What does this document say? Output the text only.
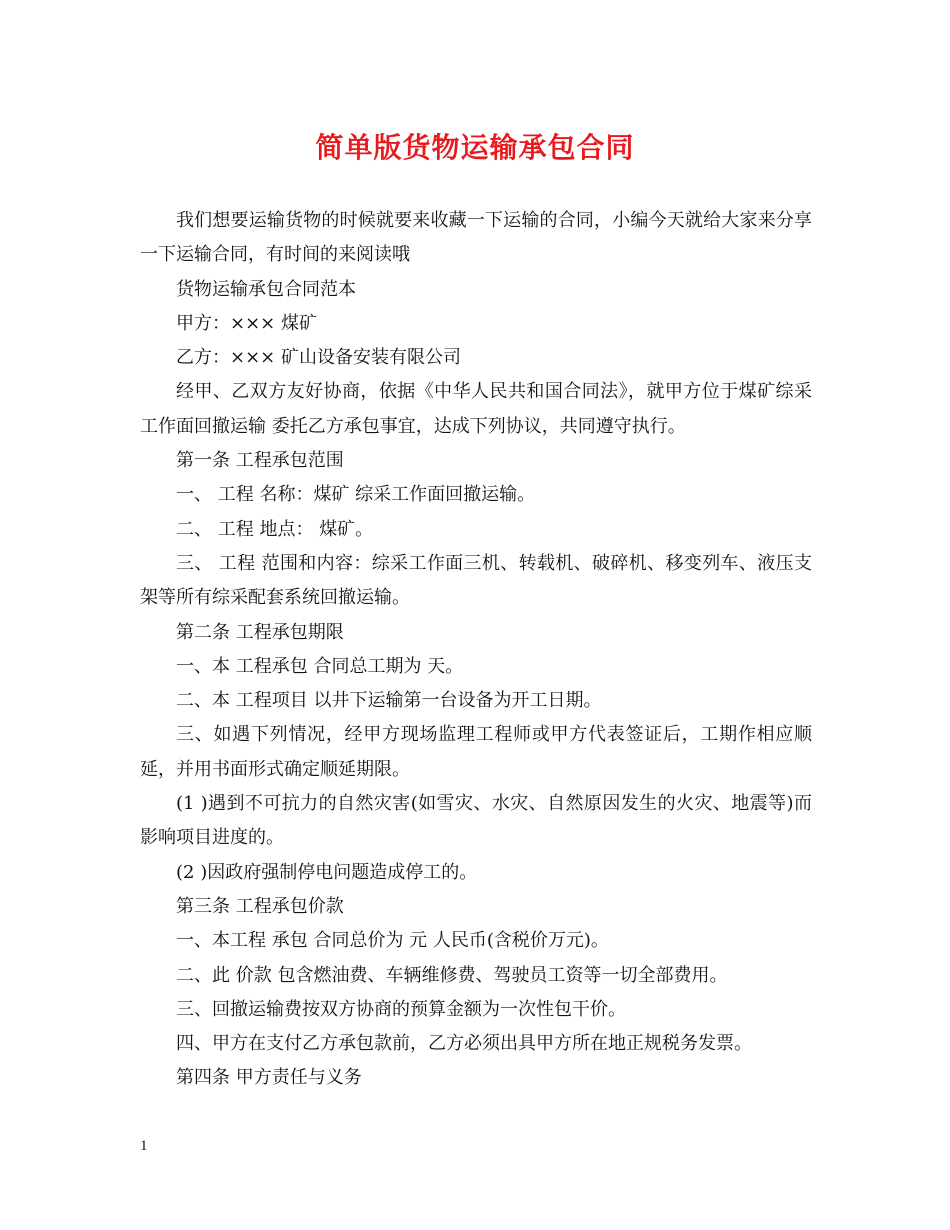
简单版货物运输承包合同

我们想要运输货物的时候就要来收藏一下运输的合同，小编今天就给大家来分享一下运输合同，有时间的来阅读哦

货物运输承包合同范本

甲方：××× 煤矿

乙方：××× 矿山设备安装有限公司

经甲、乙双方友好协商，依据《中华人民共和国合同法》，就甲方位于煤矿综采工作面回撤运输 委托乙方承包事宜，达成下列协议，共同遵守执行。

第一条 工程承包范围

一、 工程 名称：煤矿 综采工作面回撤运输。

二、 工程 地点： 煤矿。

三、 工程 范围和内容：综采工作面三机、转载机、破碎机、移变列车、液压支架等所有综采配套系统回撤运输。

第二条 工程承包期限

一、本 工程承包 合同总工期为 天。

二、本 工程项目 以井下运输第一台设备为开工日期。

三、如遇下列情况，经甲方现场监理工程师或甲方代表签证后，工期作相应顺延，并用书面形式确定顺延期限。

(1 )遇到不可抗力的自然灾害(如雪灾、水灾、自然原因发生的火灾、地震等)而影响项目进度的。

(2 )因政府强制停电问题造成停工的。

第三条 工程承包价款

一、本工程 承包 合同总价为 元 人民币(含税价万元)。

二、此 价款 包含燃油费、车辆维修费、驾驶员工资等一切全部费用。

三、回撤运输费按双方协商的预算金额为一次性包干价。

四、甲方在支付乙方承包款前，乙方必须出具甲方所在地正规税务发票。

第四条 甲方责任与义务

1
